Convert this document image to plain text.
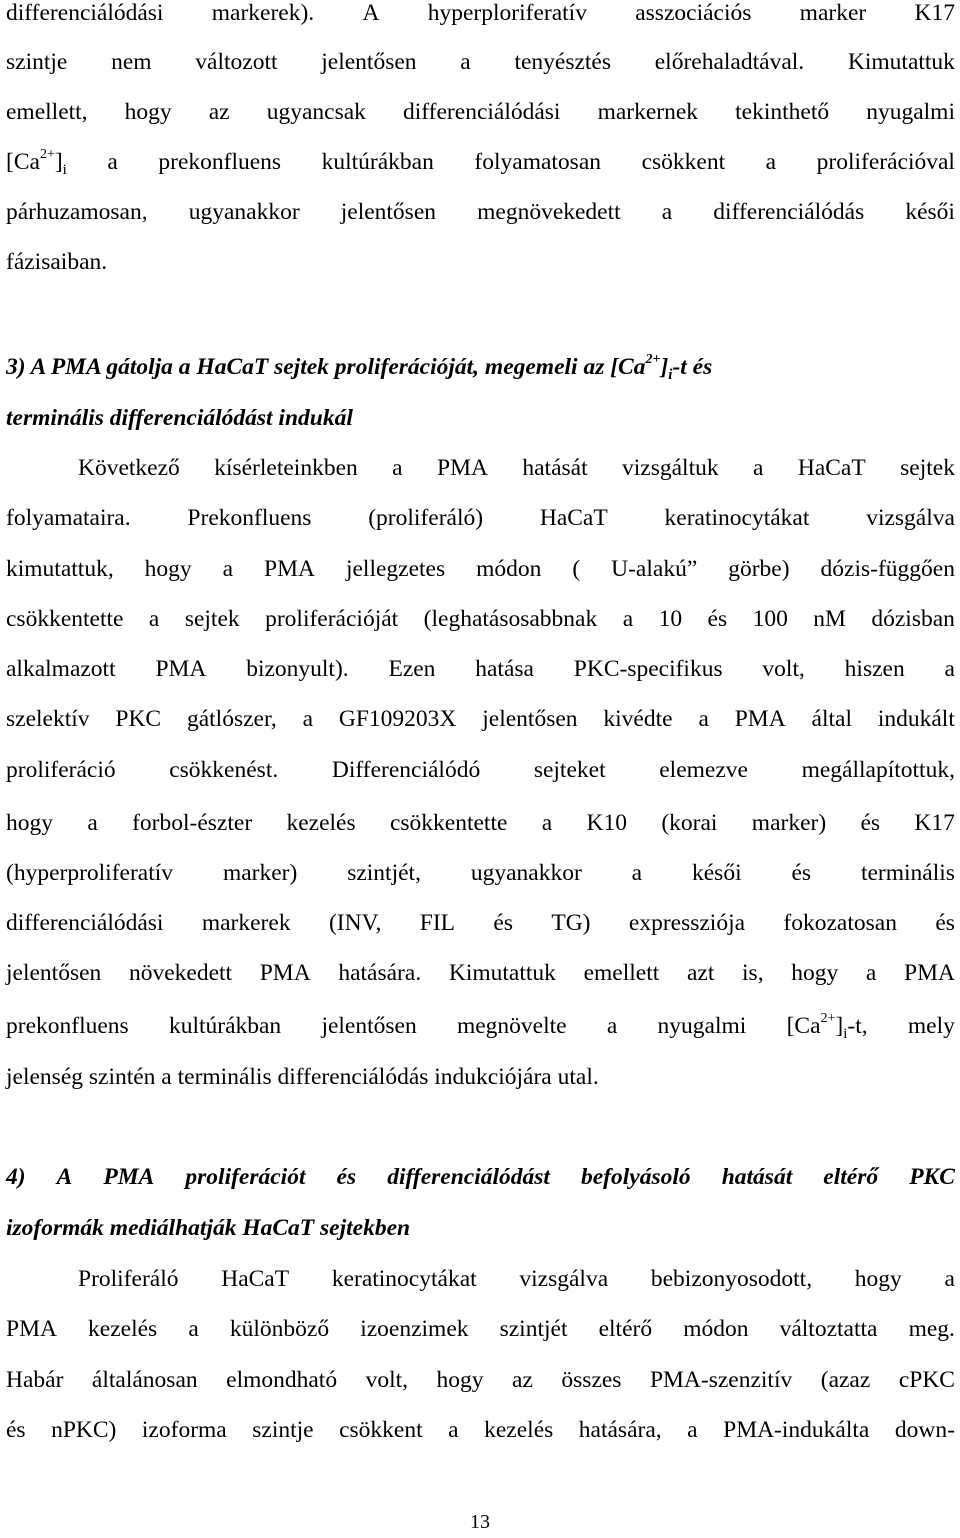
differenciálódási markerek). A hyperploriferatív asszociációs marker K17
szintje nem változott jelentősen a tenyésztés előrehaladtával. Kimutattuk
emellett, hogy az ugyancsak differenciálódási markernek tekinthető nyugalmi
$[Ca^{2+}]_i$ a prekonfluens kultúrákban folyamatosan csökkent a proliferációval
párhuzamosan, ugyanakkor jelentősen megnövekedett a differenciálódás késői
fázisaiban.
3) A PMA gátolja a HaCaT sejtek proliferációját, megemeli az $[Ca^{2+}]_i-t$ és
terminális differenciálódást indukál
Következő kísérleteinkben a PMA hatását vizsgáltuk a HaCaT sejtek
folyamataira. Prekonfluens (proliferáló) HaCaT keratinocytákat vizsgálva
kimutattuk, hogy a PMA jellegzetes módon ( U-alakú” görbe) dózis-függően
csökkentette a sejtek proliferációját (leghatásosabbnak a 10 és 100 nM dózisban
alkalmazott PMA bizonyult). Ezen hatása PKC-specifikus volt, hiszen a
szelektív PKC gátlószer, a GF109203X jelentősen kivédte a PMA által indukált
proliferáció csökkenést. Differenciálódó sejteket elemezve megállapítottuk,
hogy a forbol-észter kezelés csökkentette a K10 (korai marker) és K17
(hyperproliferatív marker) szintjét, ugyanakkor a késői és terminális
differenciálódási markerek (INV, FIL és TG) expressziója fokozatosan és
jelentősen növekedett PMA hatására. Kimutattuk emellett azt is, hogy a PMA
prekonfluens kultúrákban jelentősen megnövelte a nyugalmi $[Ca^{2+}]_i-t$, mely
jelenség szintén a terminális differenciálódás indukciójára utal.
4) A PMA proliferációt és differenciálódást befolyásoló hatását eltérő PKC
izoformák mediálhatják HaCaT sejtekben
Proliferáló HaCaT keratinocytákat vizsgálva bebizonyosodott, hogy a
PMA kezelés a különböző izoenzimek szintjét eltérő módon változtatta meg.
Habár általánosan elmondható volt, hogy az összes PMA-szenzitív (azaz cPKC
és nPKC) izoforma szintje csökkent a kezelés hatására, a PMA-indukálta down-
13
